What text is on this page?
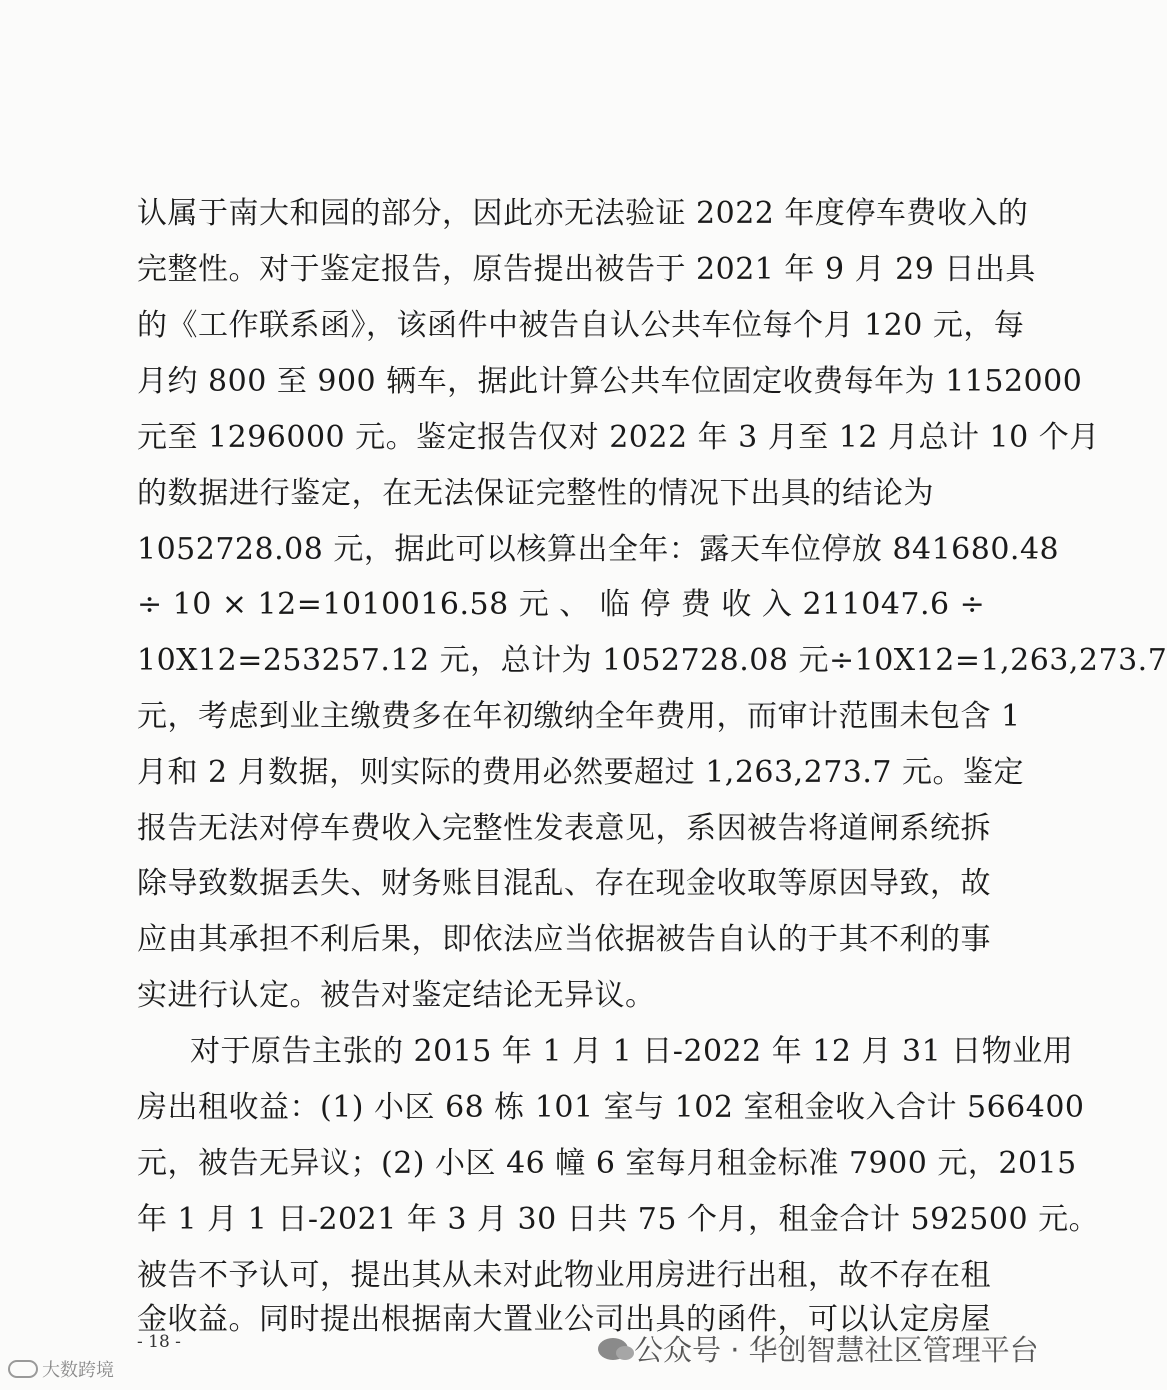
认属于南大和园的部分，因此亦无法验证 2022 年度停车费收入的
完整性。对于鉴定报告，原告提出被告于 2021 年 9 月 29 日出具
的《工作联系函》，该函件中被告自认公共车位每个月 120 元，每
月约 800 至 900 辆车，据此计算公共车位固定收费每年为 1152000
元至 1296000 元。鉴定报告仅对 2022 年 3 月至 12 月总计 10 个月
的数据进行鉴定，在无法保证完整性的情况下出具的结论为
1052728.08 元，据此可以核算出全年：露天车位停放 841680.48
÷ 10 × 12=1010016.58 元 、 临 停 费 收 入 211047.6 ÷
10X12=253257.12 元，总计为 1052728.08 元÷10X12=1,263,273.7
元，考虑到业主缴费多在年初缴纳全年费用，而审计范围未包含 1
月和 2 月数据，则实际的费用必然要超过 1,263,273.7 元。鉴定
报告无法对停车费收入完整性发表意见，系因被告将道闸系统拆
除导致数据丢失、财务账目混乱、存在现金收取等原因导致，故
应由其承担不利后果，即依法应当依据被告自认的于其不利的事
实进行认定。被告对鉴定结论无异议。
对于原告主张的 2015 年 1 月 1 日-2022 年 12 月 31 日物业用
房出租收益：(1) 小区 68 栋 101 室与 102 室租金收入合计 566400
元，被告无异议；(2) 小区 46 幢 6 室每月租金标准 7900 元，2015
年 1 月 1 日-2021 年 3 月 30 日共 75 个月，租金合计 592500 元。
被告不予认可，提出其从未对此物业用房进行出租，故不存在租
金收益。同时提出根据南大置业公司出具的函件，可以认定房屋
- 18 -	公众号 · 华创智慧社区管理平台
大数跨境
